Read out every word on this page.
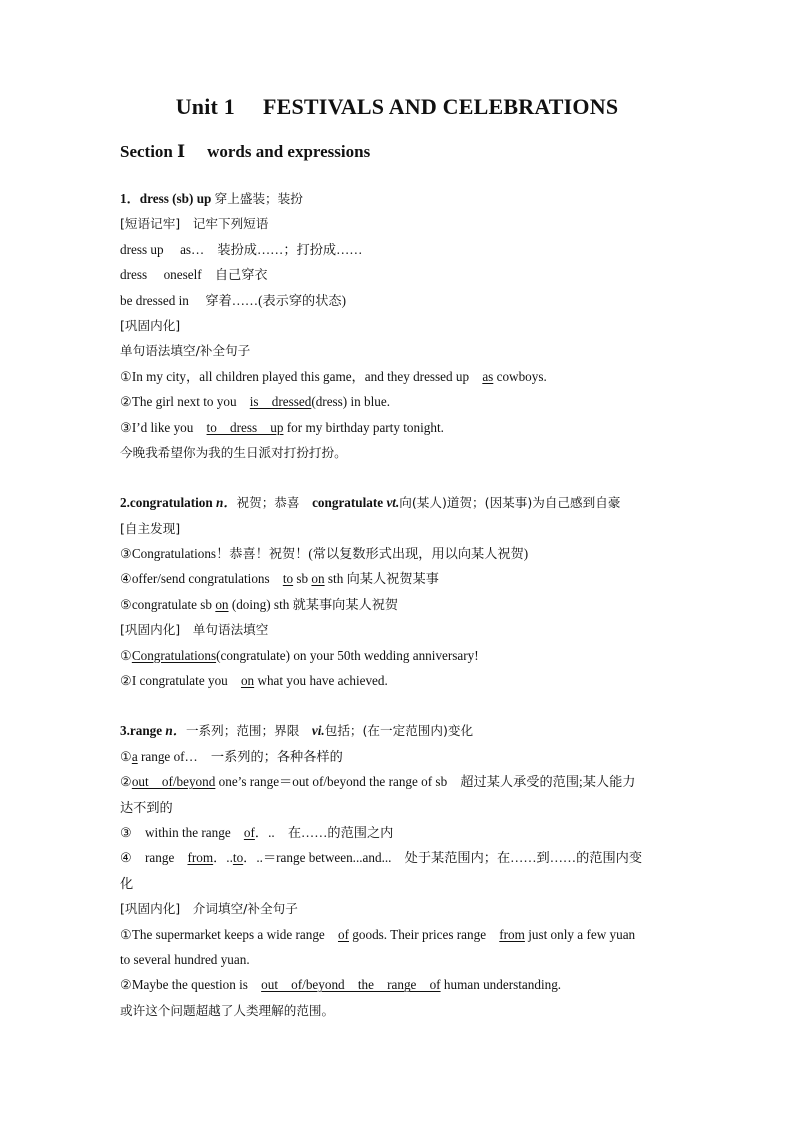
Unit 1 FESTIVALS AND CELEBRATIONS
Section Ⅰ words and expressions
1．dress (sb) up 穿上盛装；装扮
[短语记牢]　记牢下列短语
dress up　 as…　装扮成……；打扮成……
dress　 oneself　自己穿衣
be dressed in　 穿着……(表示穿的状态)
[巩固内化]
单句语法填空/补全句子
①In my city，all children played this game，and they dressed up　as cowboys.
②The girl next to you　is　dressed(dress) in blue.
③I’d like you　to　dress　up for my birthday party tonight.
今晚我希望你为我的生日派对打扮打扮。
2.congratulation n．祝贺；恭喜　congratulate vt.向(某人)道贺；(因某事)为自己感到自豪
[自主发现]
③Congratulations！恭喜！祝贺！(常以复数形式出现，用以向某人祝贺)
④offer/send congratulations　to sb on sth 向某人祝贺某事
⑤congratulate sb on (doing) sth 就某事向某人祝贺
[巩固内化]　单句语法填空
①Congratulations(congratulate) on your 50th wedding anniversary!
②I congratulate you　on what you have achieved.
3.range n．一系列；范围；界限　vi.包括；(在一定范围内)变化
①a range of…　一系列的；各种各样的
②out　of/beyond one’s range＝out of/beyond the range of sb　超过某人承受的范围;某人能力
达不到的
③　within the range　of．..　在……的范围之内
④　range　from．..to．..＝range between...and...　处于某范围内；在……到……的范围内变
化
[巩固内化]　介词填空/补全句子
①The supermarket keeps a wide range　of goods. Their prices range　from just only a few yuan
to several hundred yuan.
②Maybe the question is　out　of/beyond　the　range　of human understanding.
或许这个问题超越了人类理解的范围。
